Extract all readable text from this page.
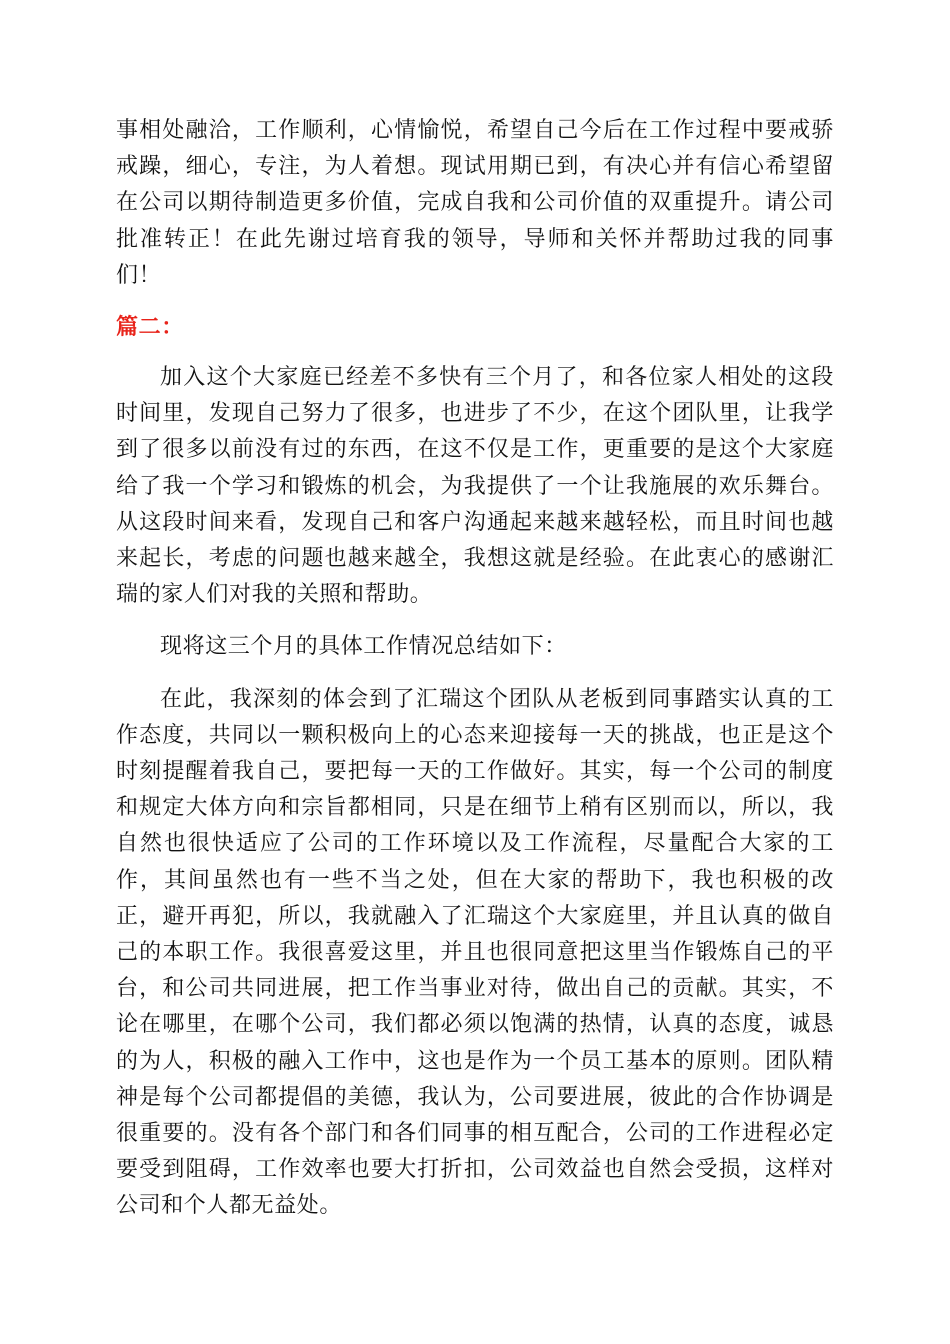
事相处融洽，工作顺利，心情愉悦，希望自己今后在工作过程中要戒骄戒躁，细心，专注，为人着想。现试用期已到，有决心并有信心希望留在公司以期待制造更多价值，完成自我和公司价值的双重提升。请公司批准转正！在此先谢过培育我的领导，导师和关怀并帮助过我的同事们！

篇二：

加入这个大家庭已经差不多快有三个月了，和各位家人相处的这段时间里，发现自己努力了很多，也进步了不少，在这个团队里，让我学到了很多以前没有过的东西，在这不仅是工作，更重要的是这个大家庭给了我一个学习和锻炼的机会，为我提供了一个让我施展的欢乐舞台。从这段时间来看，发现自己和客户沟通起来越来越轻松，而且时间也越来起长，考虑的问题也越来越全，我想这就是经验。在此衷心的感谢汇瑞的家人们对我的关照和帮助。

现将这三个月的具体工作情况总结如下：

在此，我深刻的体会到了汇瑞这个团队从老板到同事踏实认真的工作态度，共同以一颗积极向上的心态来迎接每一天的挑战，也正是这个时刻提醒着我自己，要把每一天的工作做好。其实，每一个公司的制度和规定大体方向和宗旨都相同，只是在细节上稍有区别而以，所以，我自然也很快适应了公司的工作环境以及工作流程，尽量配合大家的工作，其间虽然也有一些不当之处，但在大家的帮助下，我也积极的改正，避开再犯，所以，我就融入了汇瑞这个大家庭里，并且认真的做自己的本职工作。我很喜爱这里，并且也很同意把这里当作锻炼自己的平台，和公司共同进展，把工作当事业对待，做出自己的贡献。其实，不论在哪里，在哪个公司，我们都必须以饱满的热情，认真的态度，诚恳的为人，积极的融入工作中，这也是作为一个员工基本的原则。团队精神是每个公司都提倡的美德，我认为，公司要进展，彼此的合作协调是很重要的。没有各个部门和各们同事的相互配合，公司的工作进程必定要受到阻碍，工作效率也要大打折扣，公司效益也自然会受损，这样对公司和个人都无益处。
